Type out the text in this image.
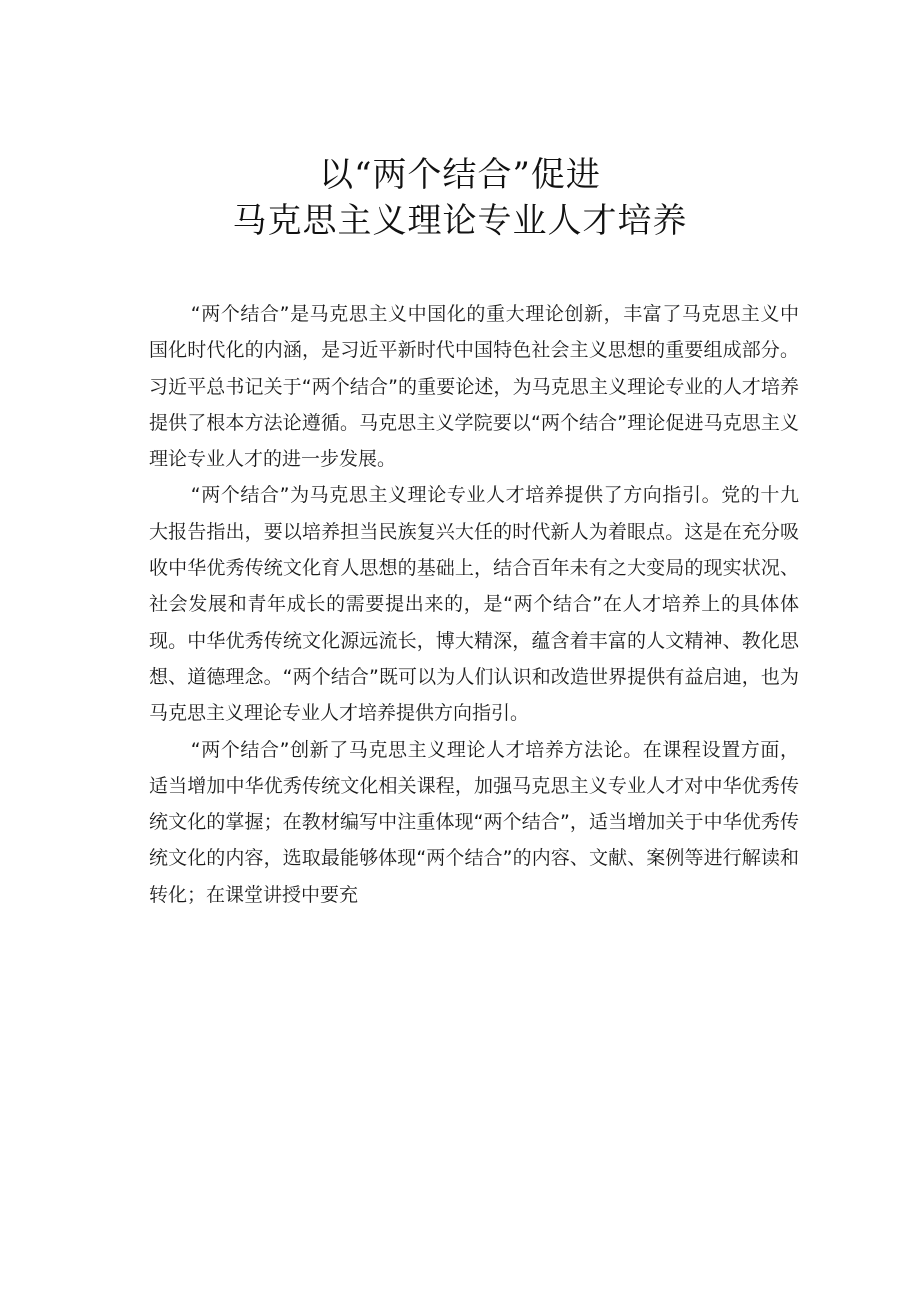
以“两个结合”促进
马克思主义理论专业人才培养

“两个结合”是马克思主义中国化的重大理论创新，丰富了马克思主义中国化时代化的内涵，是习近平新时代中国特色社会主义思想的重要组成部分。习近平总书记关于“两个结合”的重要论述，为马克思主义理论专业的人才培养提供了根本方法论遵循。马克思主义学院要以“两个结合”理论促进马克思主义理论专业人才的进一步发展。

“两个结合”为马克思主义理论专业人才培养提供了方向指引。党的十九大报告指出，要以培养担当民族复兴大任的时代新人为着眼点。这是在充分吸收中华优秀传统文化育人思想的基础上，结合百年未有之大变局的现实状况、社会发展和青年成长的需要提出来的，是“两个结合”在人才培养上的具体体现。中华优秀传统文化源远流长，博大精深，蕴含着丰富的人文精神、教化思想、道德理念。“两个结合”既可以为人们认识和改造世界提供有益启迪，也为马克思主义理论专业人才培养提供方向指引。

“两个结合”创新了马克思主义理论人才培养方法论。在课程设置方面，适当增加中华优秀传统文化相关课程，加强马克思主义专业人才对中华优秀传统文化的掌握；在教材编写中注重体现“两个结合”，适当增加关于中华优秀传统文化的内容，选取最能够体现“两个结合”的内容、文献、案例等进行解读和转化；在课堂讲授中要充
